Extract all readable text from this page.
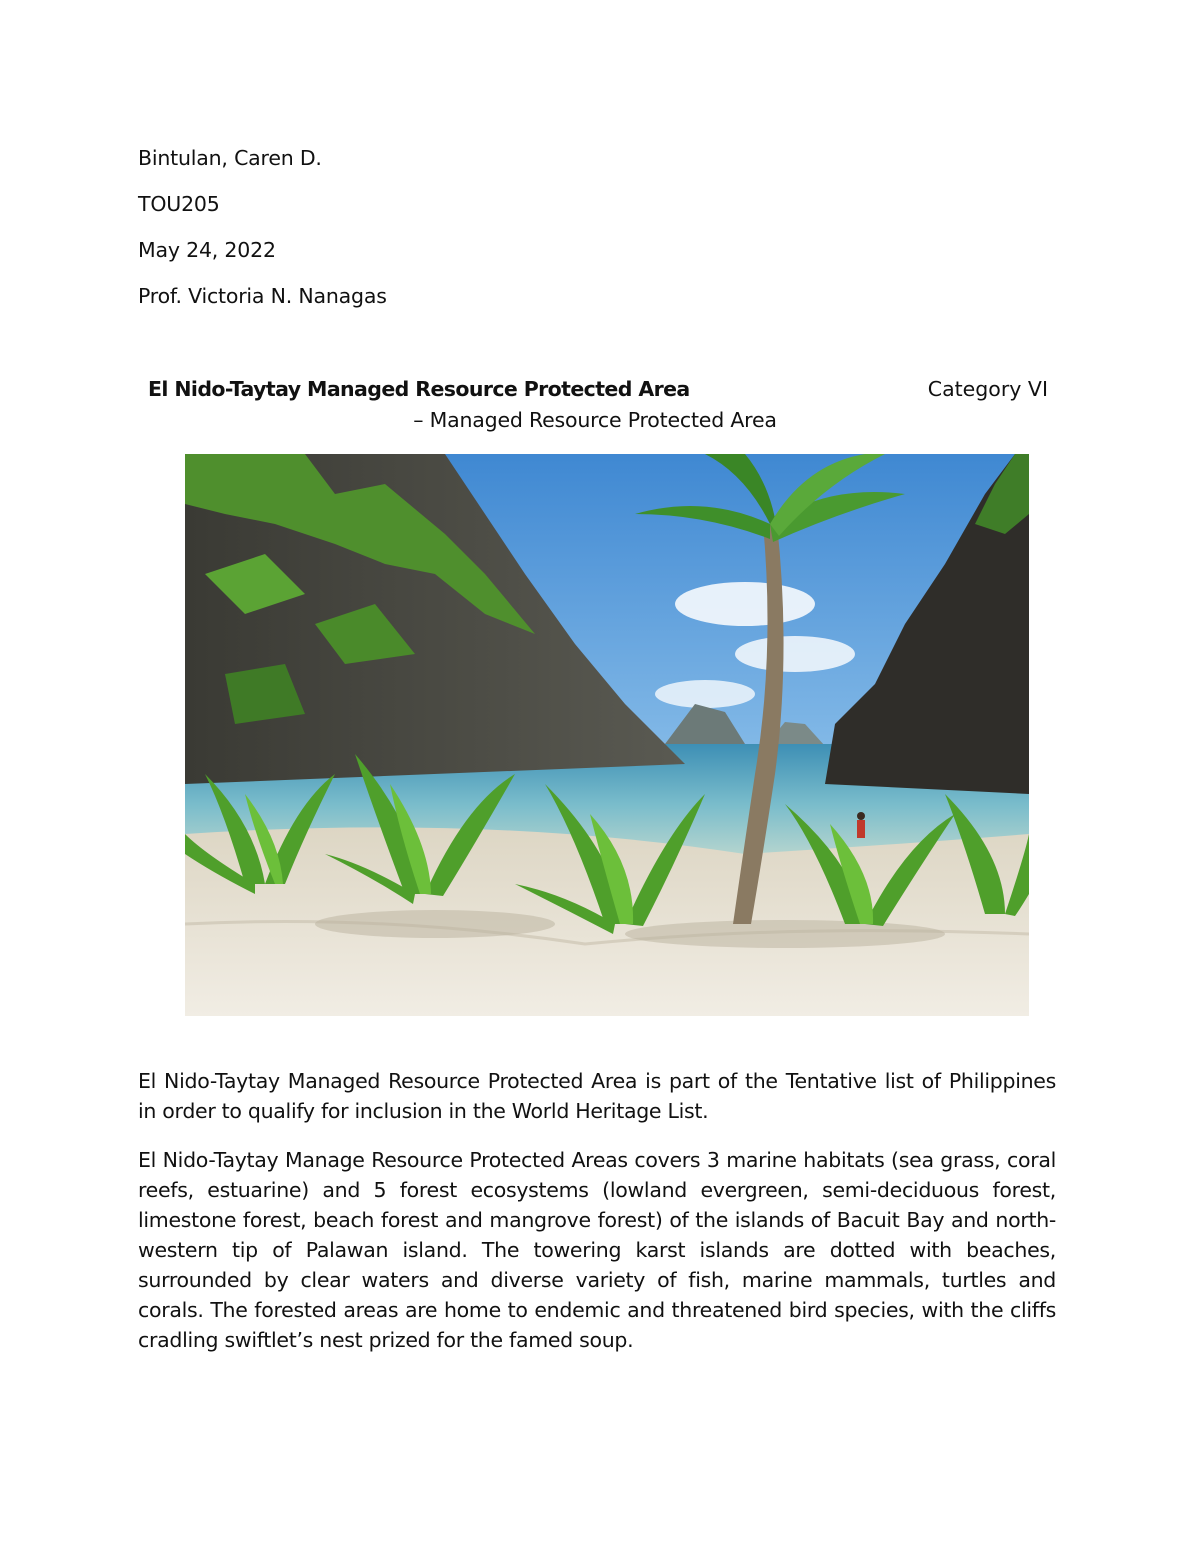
Bintulan, Caren D.
TOU205
May 24, 2022
Prof. Victoria N. Nanagas
El Nido-Taytay Managed Resource Protected Area	Category VI
– Managed Resource Protected Area

El Nido-Taytay Managed Resource Protected Area is part of the Tentative list of Philippines in order to qualify for inclusion in the World Heritage List.

El Nido-Taytay Manage Resource Protected Areas covers 3 marine habitats (sea grass, coral reefs, estuarine) and 5 forest ecosystems (lowland evergreen, semi-deciduous forest, limestone forest, beach forest and mangrove forest) of the islands of Bacuit Bay and north-western tip of Palawan island. The towering karst islands are dotted with beaches, surrounded by clear waters and diverse variety of fish, marine mammals, turtles and corals. The forested areas are home to endemic and threatened bird species, with the cliffs cradling swiftlet’s nest prized for the famed soup.
